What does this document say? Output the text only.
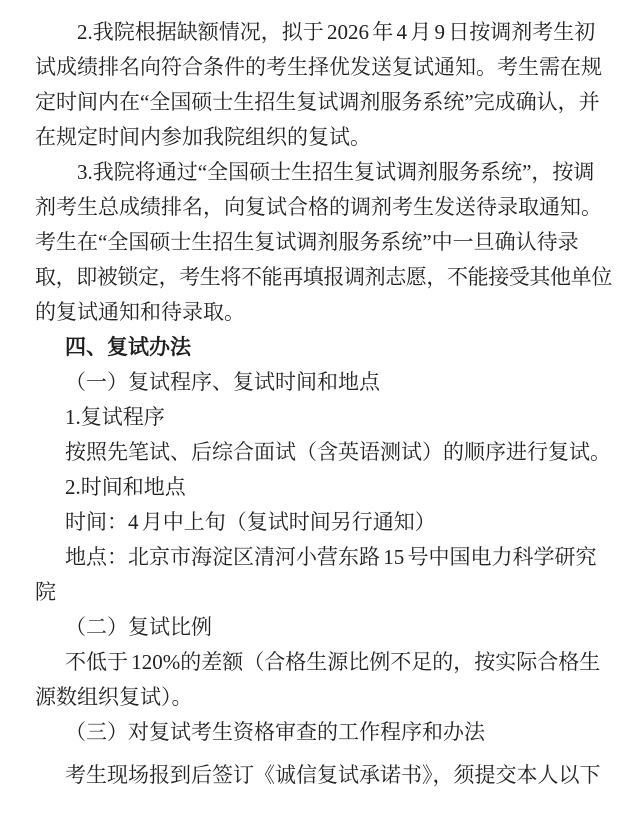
2.我院根据缺额情况，拟于 2026 年 4 月 9 日按调剂考生初
试成绩排名向符合条件的考生择优发送复试通知。考生需在规
定时间内在“全国硕士生招生复试调剂服务系统”完成确认，并
在规定时间内参加我院组织的复试。
3.我院将通过“全国硕士生招生复试调剂服务系统”，按调
剂考生总成绩排名，向复试合格的调剂考生发送待录取通知。
考生在“全国硕士生招生复试调剂服务系统”中一旦确认待录
取，即被锁定，考生将不能再填报调剂志愿，不能接受其他单位
的复试通知和待录取。
四、复试办法
（一）复试程序、复试时间和地点
1.复试程序
按照先笔试、后综合面试（含英语测试）的顺序进行复试。
2.时间和地点
时间：4 月中上旬（复试时间另行通知）
地点：北京市海淀区清河小营东路 15 号中国电力科学研究
院
（二）复试比例
不低于 120%的差额（合格生源比例不足的，按实际合格生
源数组织复试）。
（三）对复试考生资格审查的工作程序和办法
考生现场报到后签订《诚信复试承诺书》，须提交本人以下
